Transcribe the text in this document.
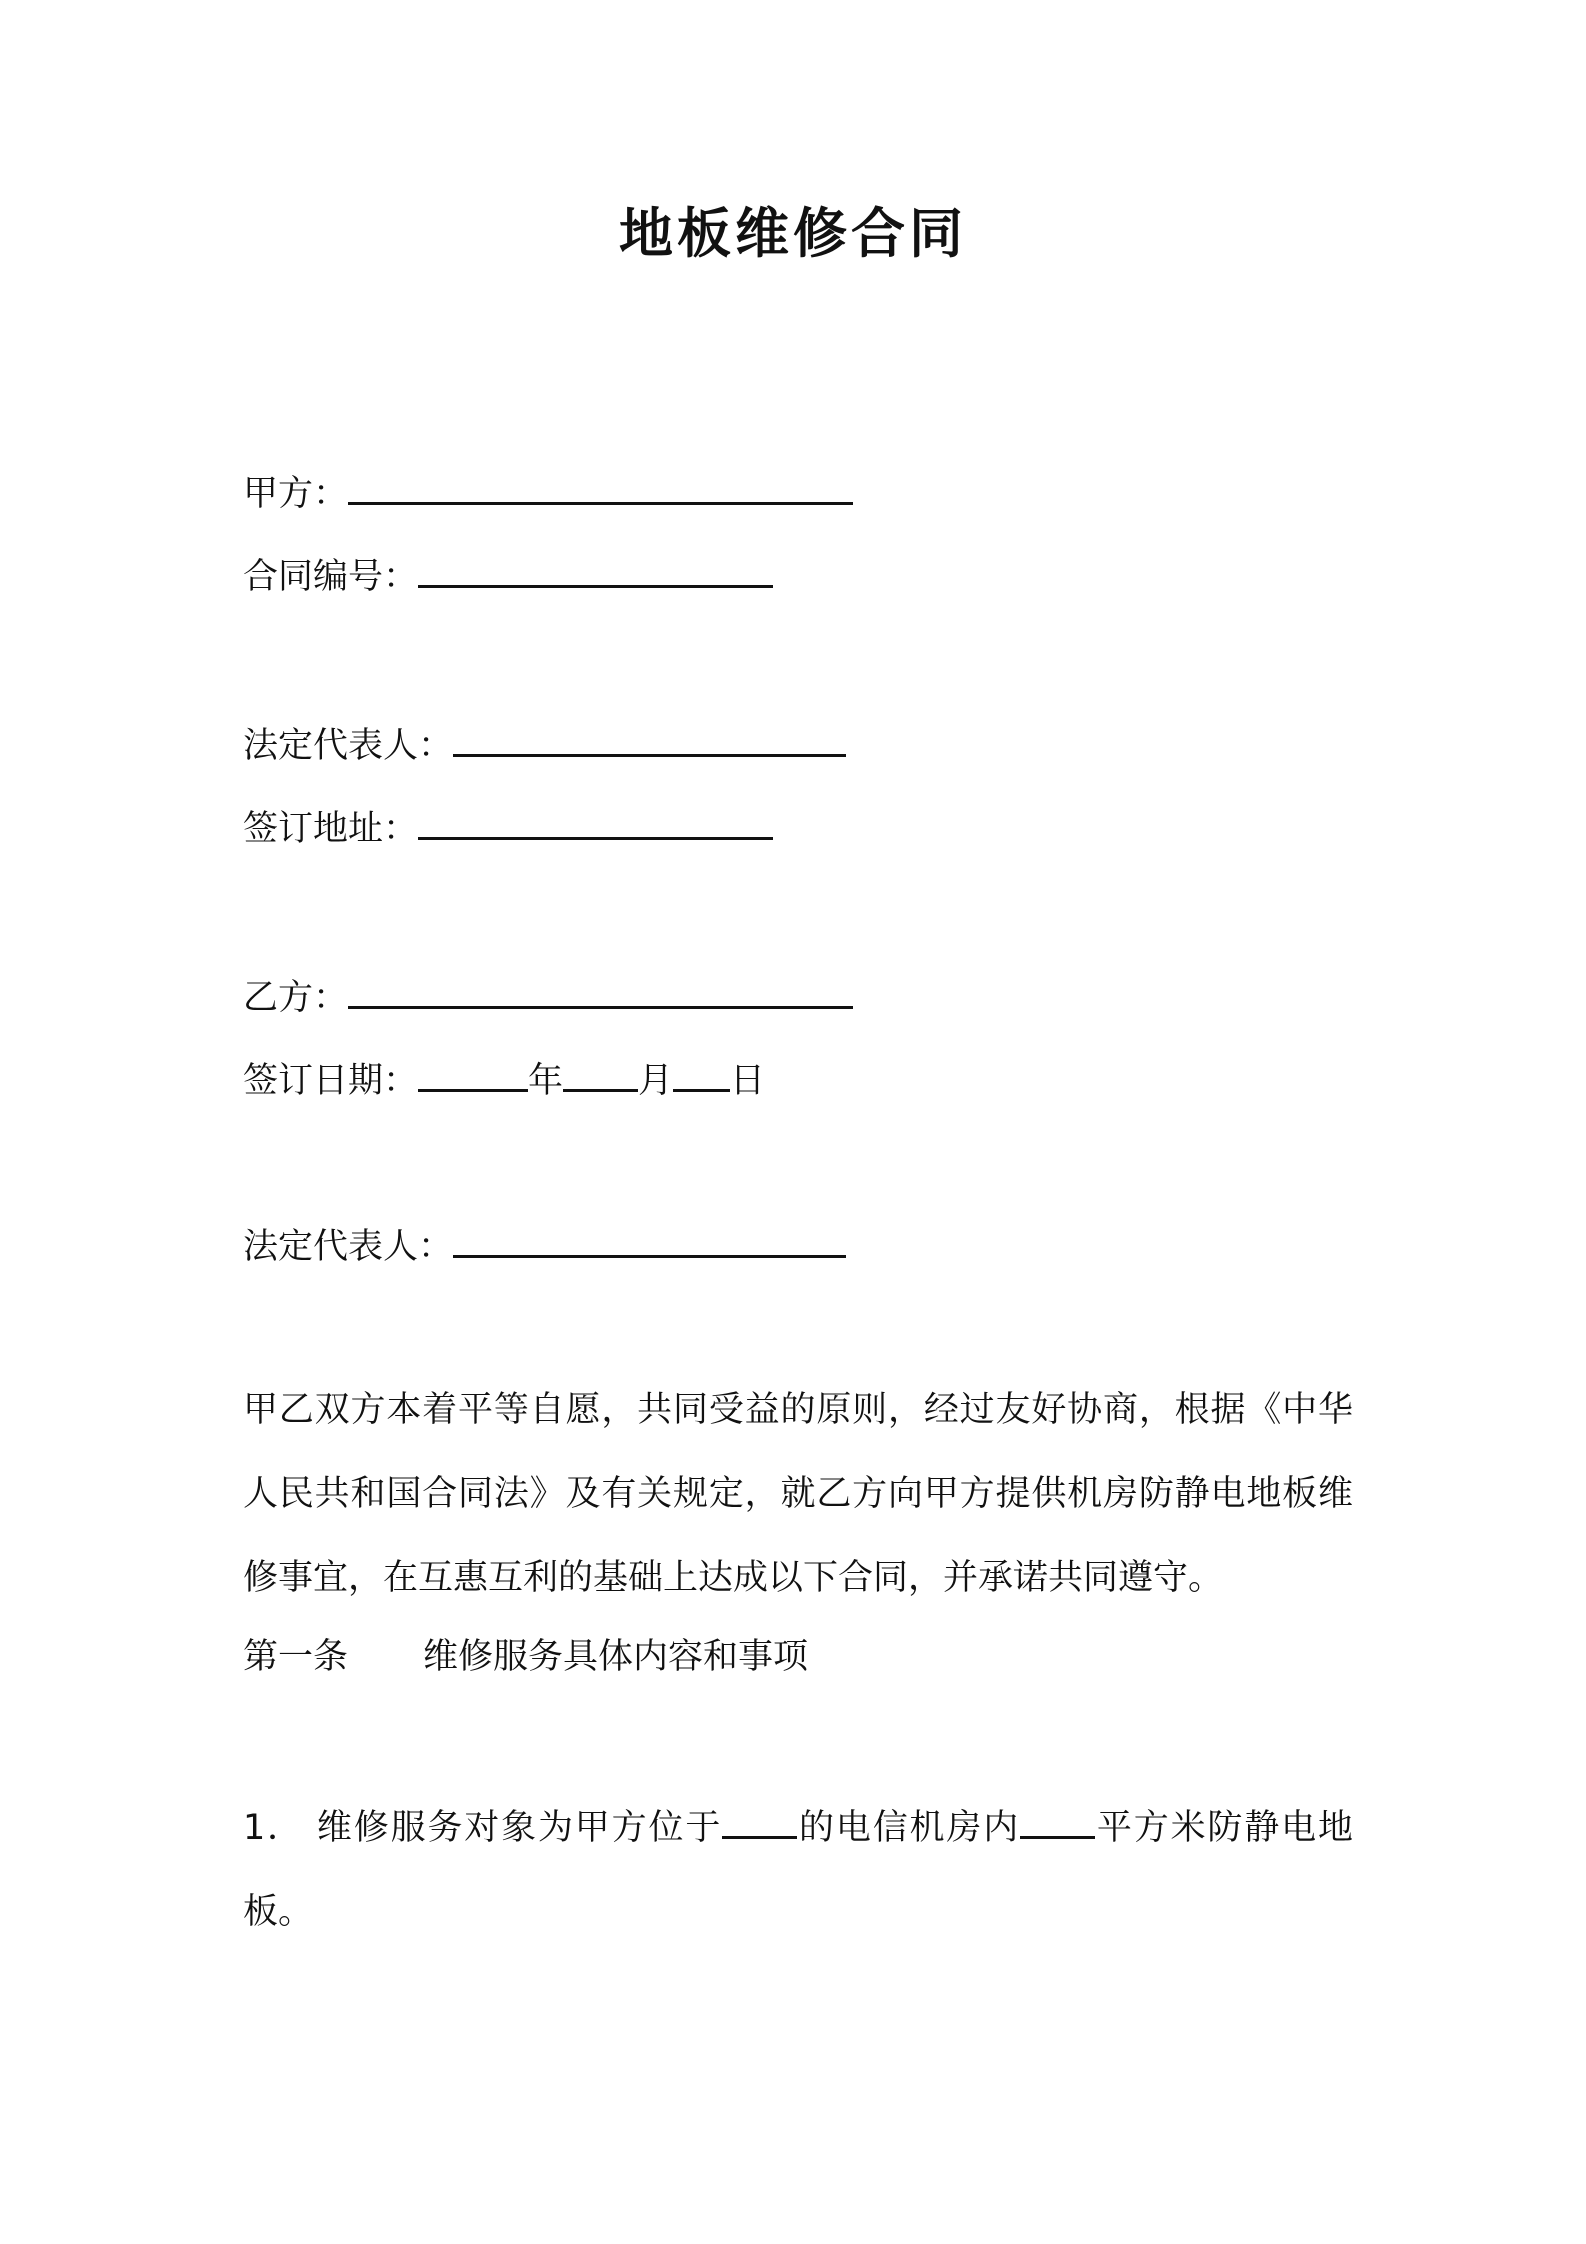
地板维修合同
甲方：
合同编号：
法定代表人：
签订地址：
乙方：
签订日期：	年 月 日
法定代表人：
甲乙双方本着平等自愿，共同受益的原则，经过友好协商，根据《中华人民共和国合同法》及有关规定，就乙方向甲方提供机房防静电地板维修事宜，在互惠互利的基础上达成以下合同，并承诺共同遵守。
第一条 维修服务具体内容和事项
1． 维修服务对象为甲方位于 的电信机房内 平方米防静电地板。
